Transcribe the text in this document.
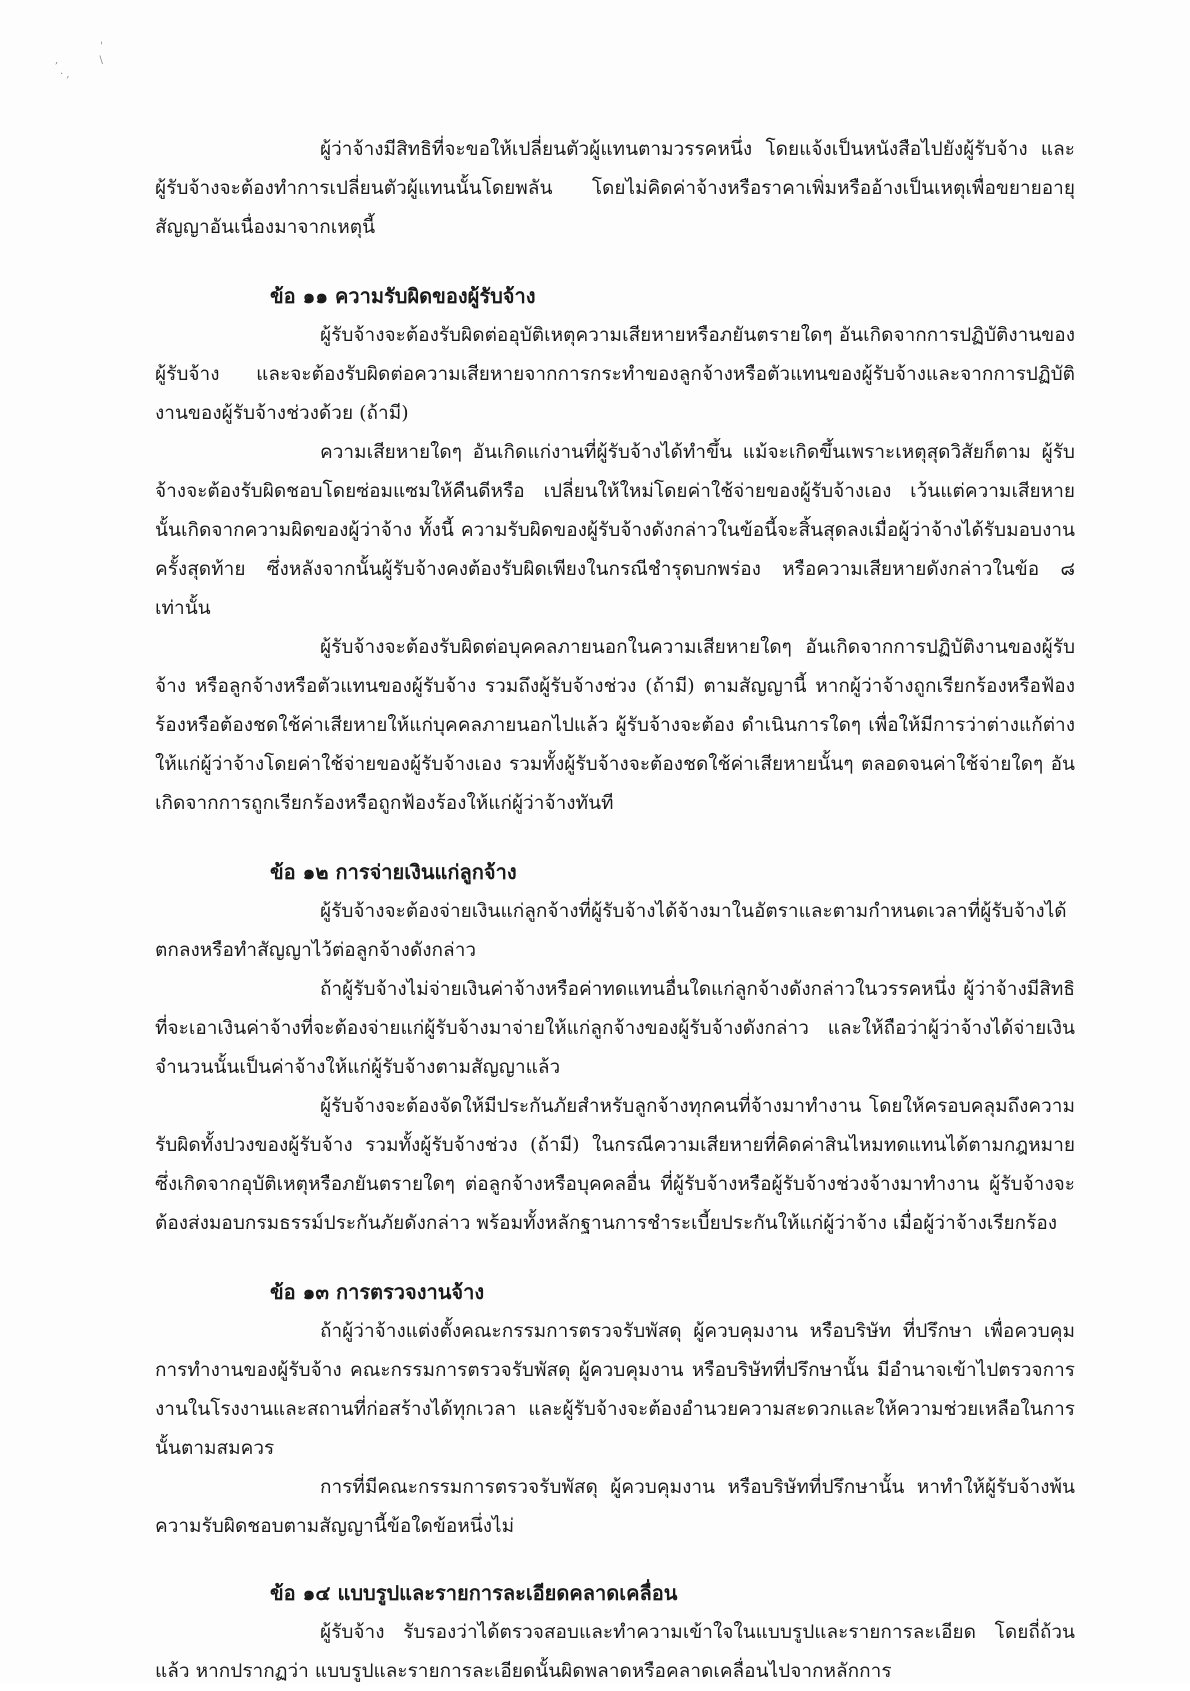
'
,             \
· ,

ผู้ว่าจ้างมีสิทธิที่จะขอให้เปลี่ยนตัวผู้แทนตามวรรคหนึ่ง โดยแจ้งเป็นหนังสือไปยังผู้รับจ้าง และผู้รับจ้างจะต้องทำการเปลี่ยนตัวผู้แทนนั้นโดยพลัน โดยไม่คิดค่าจ้างหรือราคาเพิ่มหรืออ้างเป็นเหตุเพื่อขยายอายุสัญญาอันเนื่องมาจากเหตุนี้

ข้อ ๑๑ ความรับผิดของผู้รับจ้าง

ผู้รับจ้างจะต้องรับผิดต่ออุบัติเหตุความเสียหายหรือภยันตรายใดๆ อันเกิดจากการปฏิบัติงานของผู้รับจ้าง และจะต้องรับผิดต่อความเสียหายจากการกระทำของลูกจ้างหรือตัวแทนของผู้รับจ้างและจากการปฏิบัติงานของผู้รับจ้างช่วงด้วย (ถ้ามี)

ความเสียหายใดๆ อันเกิดแก่งานที่ผู้รับจ้างได้ทำขึ้น แม้จะเกิดขึ้นเพราะเหตุสุดวิสัยก็ตาม ผู้รับจ้างจะต้องรับผิดชอบโดยซ่อมแซมให้คืนดีหรือ เปลี่ยนให้ใหม่โดยค่าใช้จ่ายของผู้รับจ้างเอง เว้นแต่ความเสียหายนั้นเกิดจากความผิดของผู้ว่าจ้าง ทั้งนี้ ความรับผิดของผู้รับจ้างดังกล่าวในข้อนี้จะสิ้นสุดลงเมื่อผู้ว่าจ้างได้รับมอบงานครั้งสุดท้าย ซึ่งหลังจากนั้นผู้รับจ้างคงต้องรับผิดเพียงในกรณีชำรุดบกพร่อง หรือความเสียหายดังกล่าวในข้อ ๘ เท่านั้น

ผู้รับจ้างจะต้องรับผิดต่อบุคคลภายนอกในความเสียหายใดๆ อันเกิดจากการปฏิบัติงานของผู้รับจ้าง หรือลูกจ้างหรือตัวแทนของผู้รับจ้าง รวมถึงผู้รับจ้างช่วง (ถ้ามี) ตามสัญญานี้ หากผู้ว่าจ้างถูกเรียกร้องหรือฟ้องร้องหรือต้องชดใช้ค่าเสียหายให้แก่บุคคลภายนอกไปแล้ว ผู้รับจ้างจะต้อง ดำเนินการใดๆ เพื่อให้มีการว่าต่างแก้ต่างให้แก่ผู้ว่าจ้างโดยค่าใช้จ่ายของผู้รับจ้างเอง รวมทั้งผู้รับจ้างจะต้องชดใช้ค่าเสียหายนั้นๆ ตลอดจนค่าใช้จ่ายใดๆ อันเกิดจากการถูกเรียกร้องหรือถูกฟ้องร้องให้แก่ผู้ว่าจ้างทันที

ข้อ ๑๒ การจ่ายเงินแก่ลูกจ้าง

ผู้รับจ้างจะต้องจ่ายเงินแก่ลูกจ้างที่ผู้รับจ้างได้จ้างมาในอัตราและตามกำหนดเวลาที่ผู้รับจ้างได้ตกลงหรือทำสัญญาไว้ต่อลูกจ้างดังกล่าว

ถ้าผู้รับจ้างไม่จ่ายเงินค่าจ้างหรือค่าทดแทนอื่นใดแก่ลูกจ้างดังกล่าวในวรรคหนึ่ง ผู้ว่าจ้างมีสิทธิที่จะเอาเงินค่าจ้างที่จะต้องจ่ายแก่ผู้รับจ้างมาจ่ายให้แก่ลูกจ้างของผู้รับจ้างดังกล่าว และให้ถือว่าผู้ว่าจ้างได้จ่ายเงินจำนวนนั้นเป็นค่าจ้างให้แก่ผู้รับจ้างตามสัญญาแล้ว

ผู้รับจ้างจะต้องจัดให้มีประกันภัยสำหรับลูกจ้างทุกคนที่จ้างมาทำงาน โดยให้ครอบคลุมถึงความรับผิดทั้งปวงของผู้รับจ้าง รวมทั้งผู้รับจ้างช่วง (ถ้ามี) ในกรณีความเสียหายที่คิดค่าสินไหมทดแทนได้ตามกฎหมาย ซึ่งเกิดจากอุบัติเหตุหรือภยันตรายใดๆ ต่อลูกจ้างหรือบุคคลอื่น ที่ผู้รับจ้างหรือผู้รับจ้างช่วงจ้างมาทำงาน ผู้รับจ้างจะต้องส่งมอบกรมธรรม์ประกันภัยดังกล่าว พร้อมทั้งหลักฐานการชำระเบี้ยประกันให้แก่ผู้ว่าจ้าง เมื่อผู้ว่าจ้างเรียกร้อง

ข้อ ๑๓ การตรวจงานจ้าง

ถ้าผู้ว่าจ้างแต่งตั้งคณะกรรมการตรวจรับพัสดุ ผู้ควบคุมงาน หรือบริษัท ที่ปรึกษา เพื่อควบคุมการทำงานของผู้รับจ้าง คณะกรรมการตรวจรับพัสดุ ผู้ควบคุมงาน หรือบริษัทที่ปรึกษานั้น มีอำนาจเข้าไปตรวจการงานในโรงงานและสถานที่ก่อสร้างได้ทุกเวลา และผู้รับจ้างจะต้องอำนวยความสะดวกและให้ความช่วยเหลือในการนั้นตามสมควร

การที่มีคณะกรรมการตรวจรับพัสดุ ผู้ควบคุมงาน หรือบริษัทที่ปรึกษานั้น หาทำให้ผู้รับจ้างพ้นความรับผิดชอบตามสัญญานี้ข้อใดข้อหนึ่งไม่

ข้อ ๑๔ แบบรูปและรายการละเอียดคลาดเคลื่อน

ผู้รับจ้าง รับรองว่าได้ตรวจสอบและทำความเข้าใจในแบบรูปและรายการละเอียด โดยถี่ถ้วนแล้ว หากปรากฏว่า แบบรูปและรายการละเอียดนั้นผิดพลาดหรือคลาดเคลื่อนไปจากหลักการ
